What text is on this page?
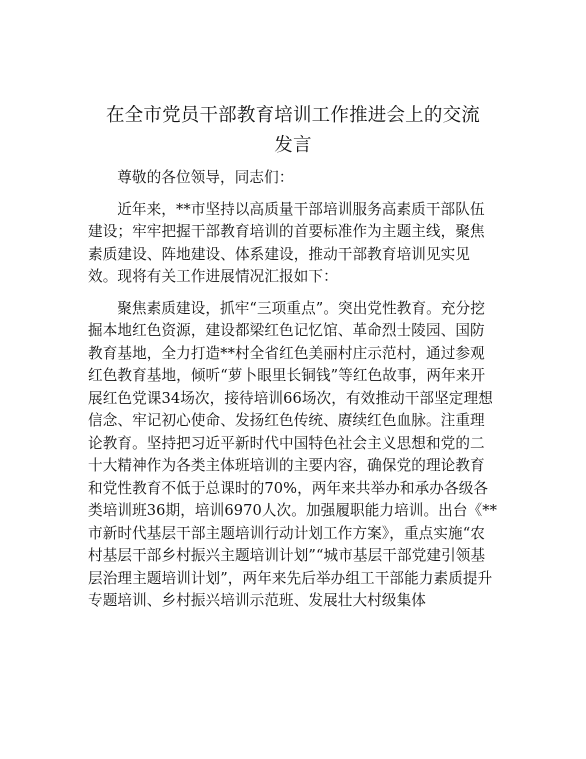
在全市党员干部教育培训工作推进会上的交流
发言

尊敬的各位领导，同志们：

近年来，**市坚持以高质量干部培训服务高素质干部队伍建设；牢牢把握干部教育培训的首要标准作为主题主线，聚焦素质建设、阵地建设、体系建设，推动干部教育培训见实见效。现将有关工作进展情况汇报如下：

聚焦素质建设，抓牢“三项重点”。突出党性教育。充分挖掘本地红色资源，建设都梁红色记忆馆、革命烈士陵园、国防教育基地，全力打造**村全省红色美丽村庄示范村，通过参观红色教育基地，倾听“萝卜眼里长铜钱”等红色故事，两年来开展红色党课34场次，接待培训66场次，有效推动干部坚定理想信念、牢记初心使命、发扬红色传统、赓续红色血脉。注重理论教育。坚持把习近平新时代中国特色社会主义思想和党的二十大精神作为各类主体班培训的主要内容，确保党的理论教育和党性教育不低于总课时的70%，两年来共举办和承办各级各类培训班36期，培训6970人次。加强履职能力培训。出台《**市新时代基层干部主题培训行动计划工作方案》，重点实施“农村基层干部乡村振兴主题培训计划”“城市基层干部党建引领基层治理主题培训计划”，两年来先后举办组工干部能力素质提升专题培训、乡村振兴培训示范班、发展壮大村级集体
